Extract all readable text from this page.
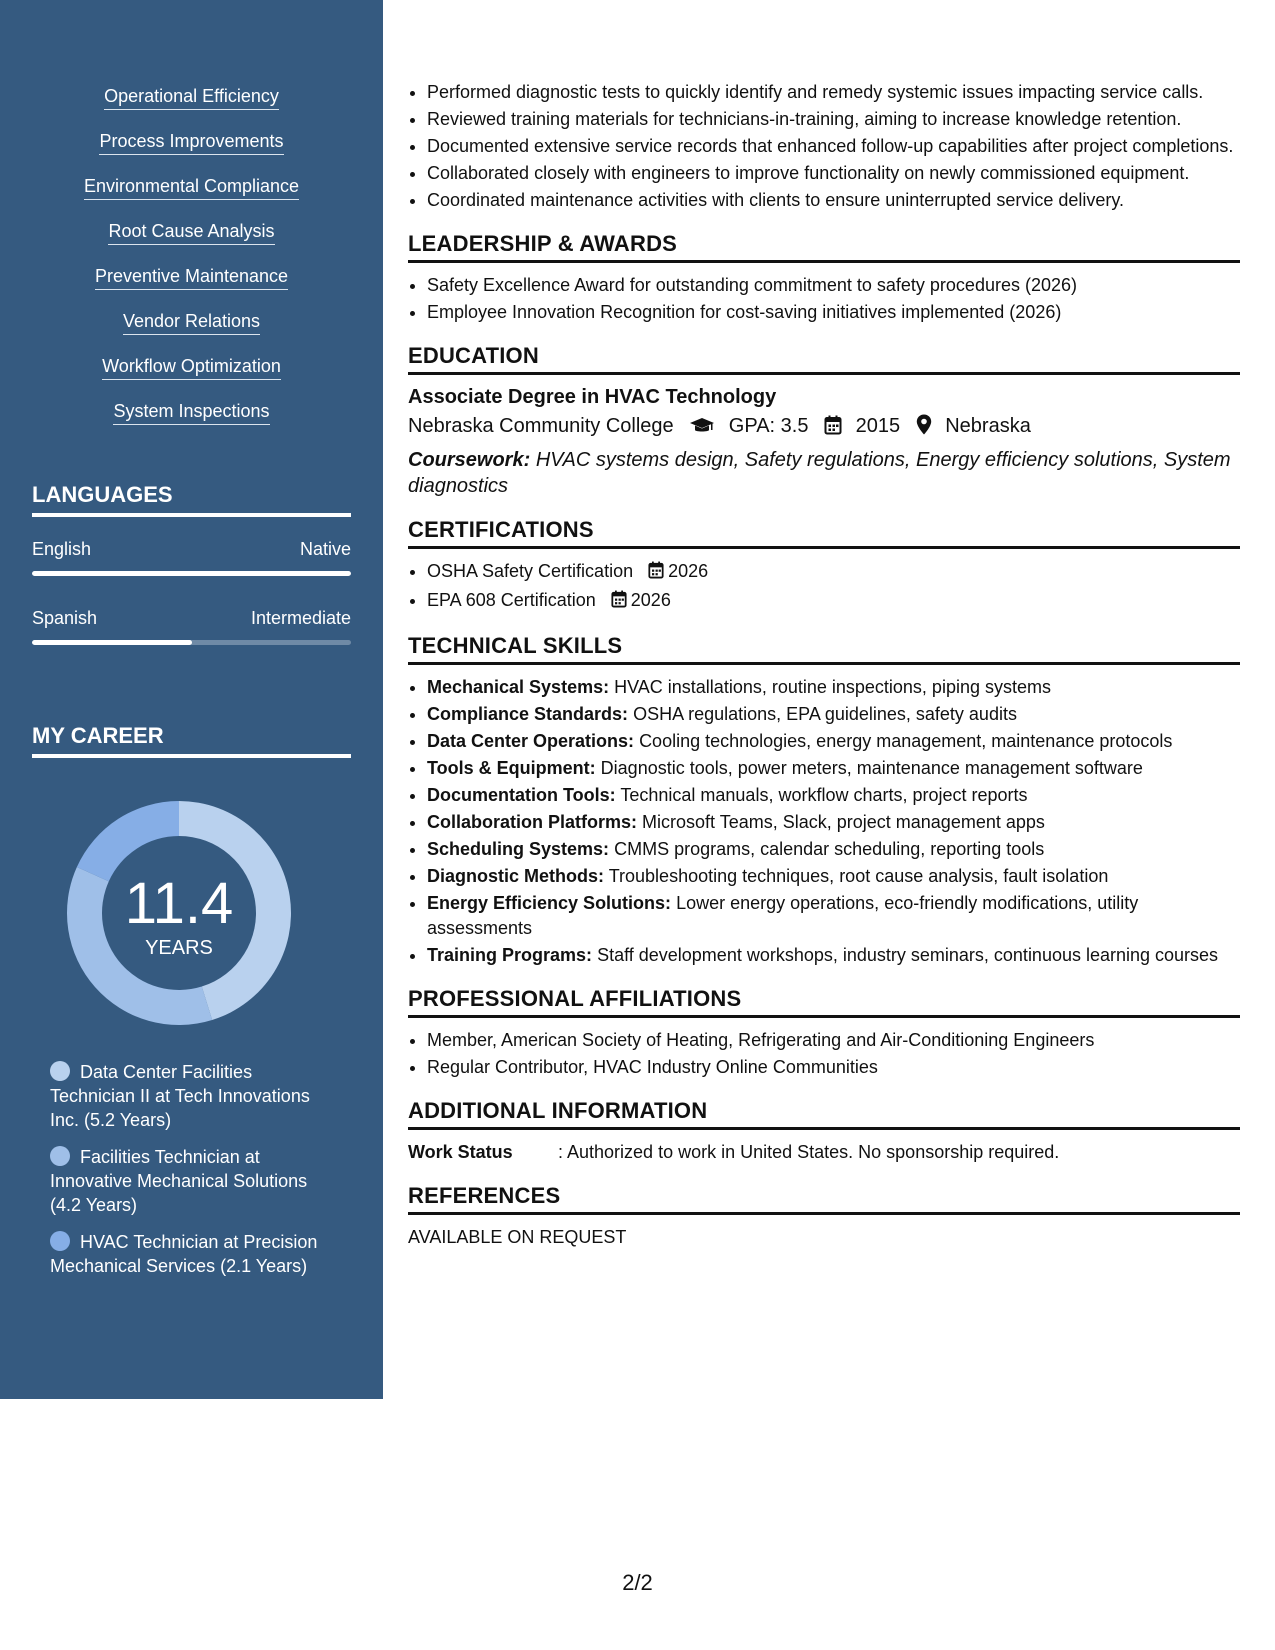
Operational Efficiency
Process Improvements
Environmental Compliance
Root Cause Analysis
Preventive Maintenance
Vendor Relations
Workflow Optimization
System Inspections
LANGUAGES
English	Native
Spanish	Intermediate
MY CAREER
11.4
YEARS
Data Center Facilities Technician II at Tech Innovations Inc. (5.2 Years)
Facilities Technician at Innovative Mechanical Solutions (4.2 Years)
HVAC Technician at Precision Mechanical Services (2.1 Years)
• Performed diagnostic tests to quickly identify and remedy systemic issues impacting service calls.
• Reviewed training materials for technicians-in-training, aiming to increase knowledge retention.
• Documented extensive service records that enhanced follow-up capabilities after project completions.
• Collaborated closely with engineers to improve functionality on newly commissioned equipment.
• Coordinated maintenance activities with clients to ensure uninterrupted service delivery.
LEADERSHIP & AWARDS
• Safety Excellence Award for outstanding commitment to safety procedures (2026)
• Employee Innovation Recognition for cost-saving initiatives implemented (2026)
EDUCATION
Associate Degree in HVAC Technology
Nebraska Community College	GPA: 3.5 2015 Nebraska
Coursework: HVAC systems design, Safety regulations, Energy efficiency solutions, System diagnostics
CERTIFICATIONS
• OSHA Safety Certification 2026
• EPA 608 Certification 2026
TECHNICAL SKILLS
• Mechanical Systems: HVAC installations, routine inspections, piping systems
• Compliance Standards: OSHA regulations, EPA guidelines, safety audits
• Data Center Operations: Cooling technologies, energy management, maintenance protocols
• Tools & Equipment: Diagnostic tools, power meters, maintenance management software
• Documentation Tools: Technical manuals, workflow charts, project reports
• Collaboration Platforms: Microsoft Teams, Slack, project management apps
• Scheduling Systems: CMMS programs, calendar scheduling, reporting tools
• Diagnostic Methods: Troubleshooting techniques, root cause analysis, fault isolation
• Energy Efficiency Solutions: Lower energy operations, eco-friendly modifications, utility assessments
• Training Programs: Staff development workshops, industry seminars, continuous learning courses
PROFESSIONAL AFFILIATIONS
• Member, American Society of Heating, Refrigerating and Air-Conditioning Engineers
• Regular Contributor, HVAC Industry Online Communities
ADDITIONAL INFORMATION
Work Status	: Authorized to work in United States. No sponsorship required.
REFERENCES
AVAILABLE ON REQUEST
2/2
